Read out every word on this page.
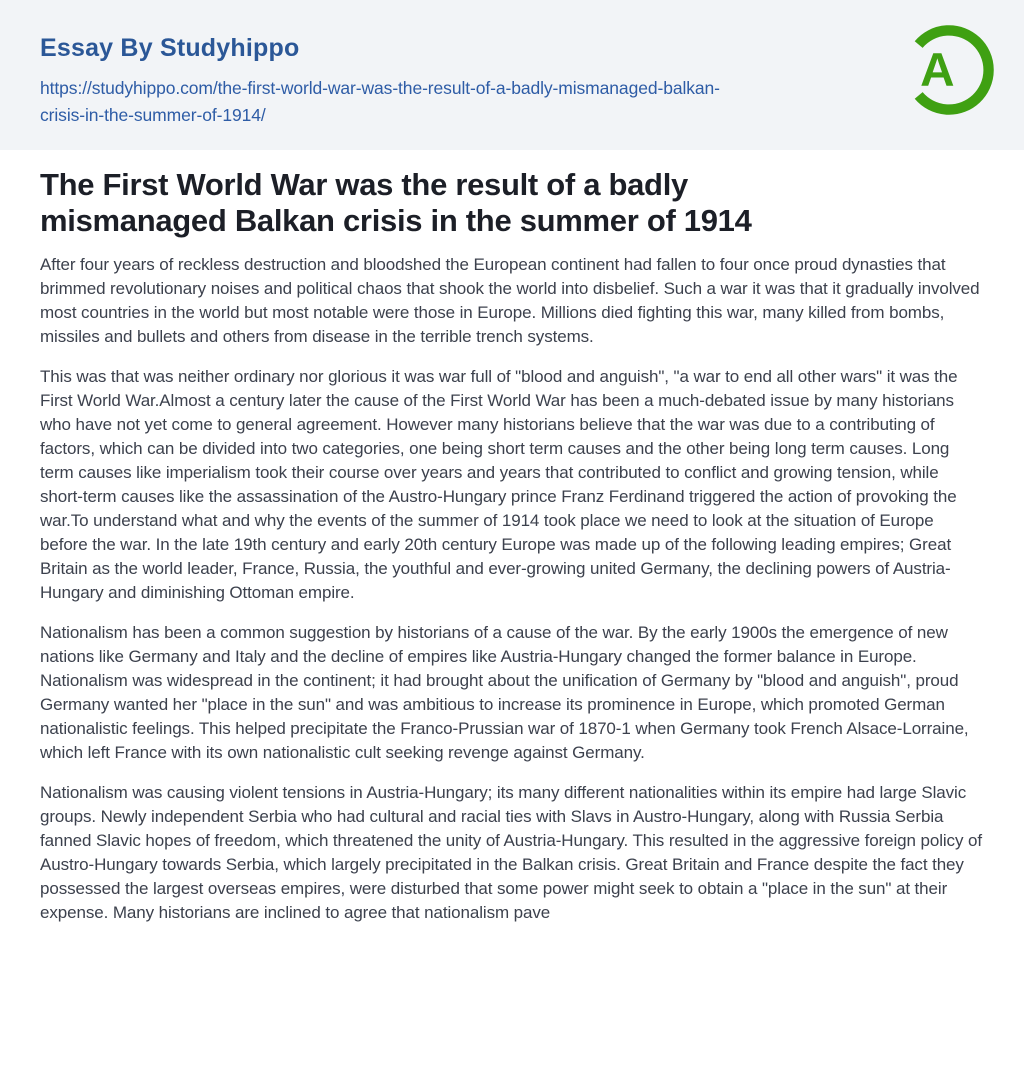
Essay By Studyhippo
https://studyhippo.com/the-first-world-war-was-the-result-of-a-badly-mismanaged-balkan-
crisis-in-the-summer-of-1914/
A
The First World War was the result of a badly
mismanaged Balkan crisis in the summer of 1914

After four years of reckless destruction and bloodshed the European continent had fallen to four once proud dynasties that brimmed revolutionary noises and political chaos that shook the world into disbelief. Such a war it was that it gradually involved most countries in the world but most notable were those in Europe. Millions died fighting this war, many killed from bombs, missiles and bullets and others from disease in the terrible trench systems.

This was that was neither ordinary nor glorious it was war full of "blood and anguish", "a war to end all other wars" it was the First World War.Almost a century later the cause of the First World War has been a much-debated issue by many historians who have not yet come to general agreement. However many historians believe that the war was due to a contributing of factors, which can be divided into two categories, one being short term causes and the other being long term causes. Long term causes like imperialism took their course over years and years that contributed to conflict and growing tension, while short-term causes like the assassination of the Austro-Hungary prince Franz Ferdinand triggered the action of provoking the war.To understand what and why the events of the summer of 1914 took place we need to look at the situation of Europe before the war. In the late 19th century and early 20th century Europe was made up of the following leading empires; Great Britain as the world leader, France, Russia, the youthful and ever-growing united Germany, the declining powers of Austria-Hungary and diminishing Ottoman empire.

Nationalism has been a common suggestion by historians of a cause of the war. By the early 1900s the emergence of new nations like Germany and Italy and the decline of empires like Austria-Hungary changed the former balance in Europe. Nationalism was widespread in the continent; it had brought about the unification of Germany by "blood and anguish", proud Germany wanted her "place in the sun" and was ambitious to increase its prominence in Europe, which promoted German nationalistic feelings. This helped precipitate the Franco-Prussian war of 1870-1 when Germany took French Alsace-Lorraine, which left France with its own nationalistic cult seeking revenge against Germany.

Nationalism was causing violent tensions in Austria-Hungary; its many different nationalities within its empire had large Slavic groups. Newly independent Serbia who had cultural and racial ties with Slavs in Austro-Hungary, along with Russia Serbia fanned Slavic hopes of freedom, which threatened the unity of Austria-Hungary. This resulted in the aggressive foreign policy of Austro-Hungary towards Serbia, which largely precipitated in the Balkan crisis. Great Britain and France despite the fact they possessed the largest overseas empires, were disturbed that some power might seek to obtain a "place in the sun" at their expense. Many historians are inclined to agree that nationalism pave
